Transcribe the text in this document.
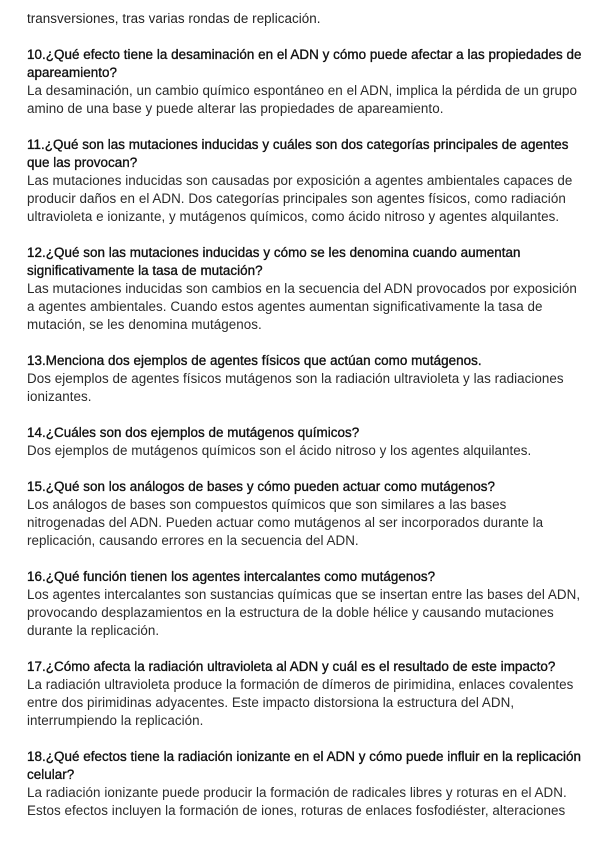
transversiones, tras varias rondas de replicación.

10.¿Qué efecto tiene la desaminación en el ADN y cómo puede afectar a las propiedades de apareamiento?

La desaminación, un cambio químico espontáneo en el ADN, implica la pérdida de un grupo amino de una base y puede alterar las propiedades de apareamiento.

11.¿Qué son las mutaciones inducidas y cuáles son dos categorías principales de agentes que las provocan?

Las mutaciones inducidas son causadas por exposición a agentes ambientales capaces de producir daños en el ADN. Dos categorías principales son agentes físicos, como radiación ultravioleta e ionizante, y mutágenos químicos, como ácido nitroso y agentes alquilantes.

12.¿Qué son las mutaciones inducidas y cómo se les denomina cuando aumentan significativamente la tasa de mutación?

Las mutaciones inducidas son cambios en la secuencia del ADN provocados por exposición a agentes ambientales. Cuando estos agentes aumentan significativamente la tasa de mutación, se les denomina mutágenos.

13.Menciona dos ejemplos de agentes físicos que actúan como mutágenos.

Dos ejemplos de agentes físicos mutágenos son la radiación ultravioleta y las radiaciones ionizantes.

14.¿Cuáles son dos ejemplos de mutágenos químicos?

Dos ejemplos de mutágenos químicos son el ácido nitroso y los agentes alquilantes.

15.¿Qué son los análogos de bases y cómo pueden actuar como mutágenos?

Los análogos de bases son compuestos químicos que son similares a las bases nitrogenadas del ADN. Pueden actuar como mutágenos al ser incorporados durante la replicación, causando errores en la secuencia del ADN.

16.¿Qué función tienen los agentes intercalantes como mutágenos?

Los agentes intercalantes son sustancias químicas que se insertan entre las bases del ADN, provocando desplazamientos en la estructura de la doble hélice y causando mutaciones durante la replicación.

17.¿Cómo afecta la radiación ultravioleta al ADN y cuál es el resultado de este impacto?

La radiación ultravioleta produce la formación de dímeros de pirimidina, enlaces covalentes entre dos pirimidinas adyacentes. Este impacto distorsiona la estructura del ADN, interrumpiendo la replicación.

18.¿Qué efectos tiene la radiación ionizante en el ADN y cómo puede influir en la replicación celular?

La radiación ionizante puede producir la formación de radicales libres y roturas en el ADN. Estos efectos incluyen la formación de iones, roturas de enlaces fosfodiéster, alteraciones
